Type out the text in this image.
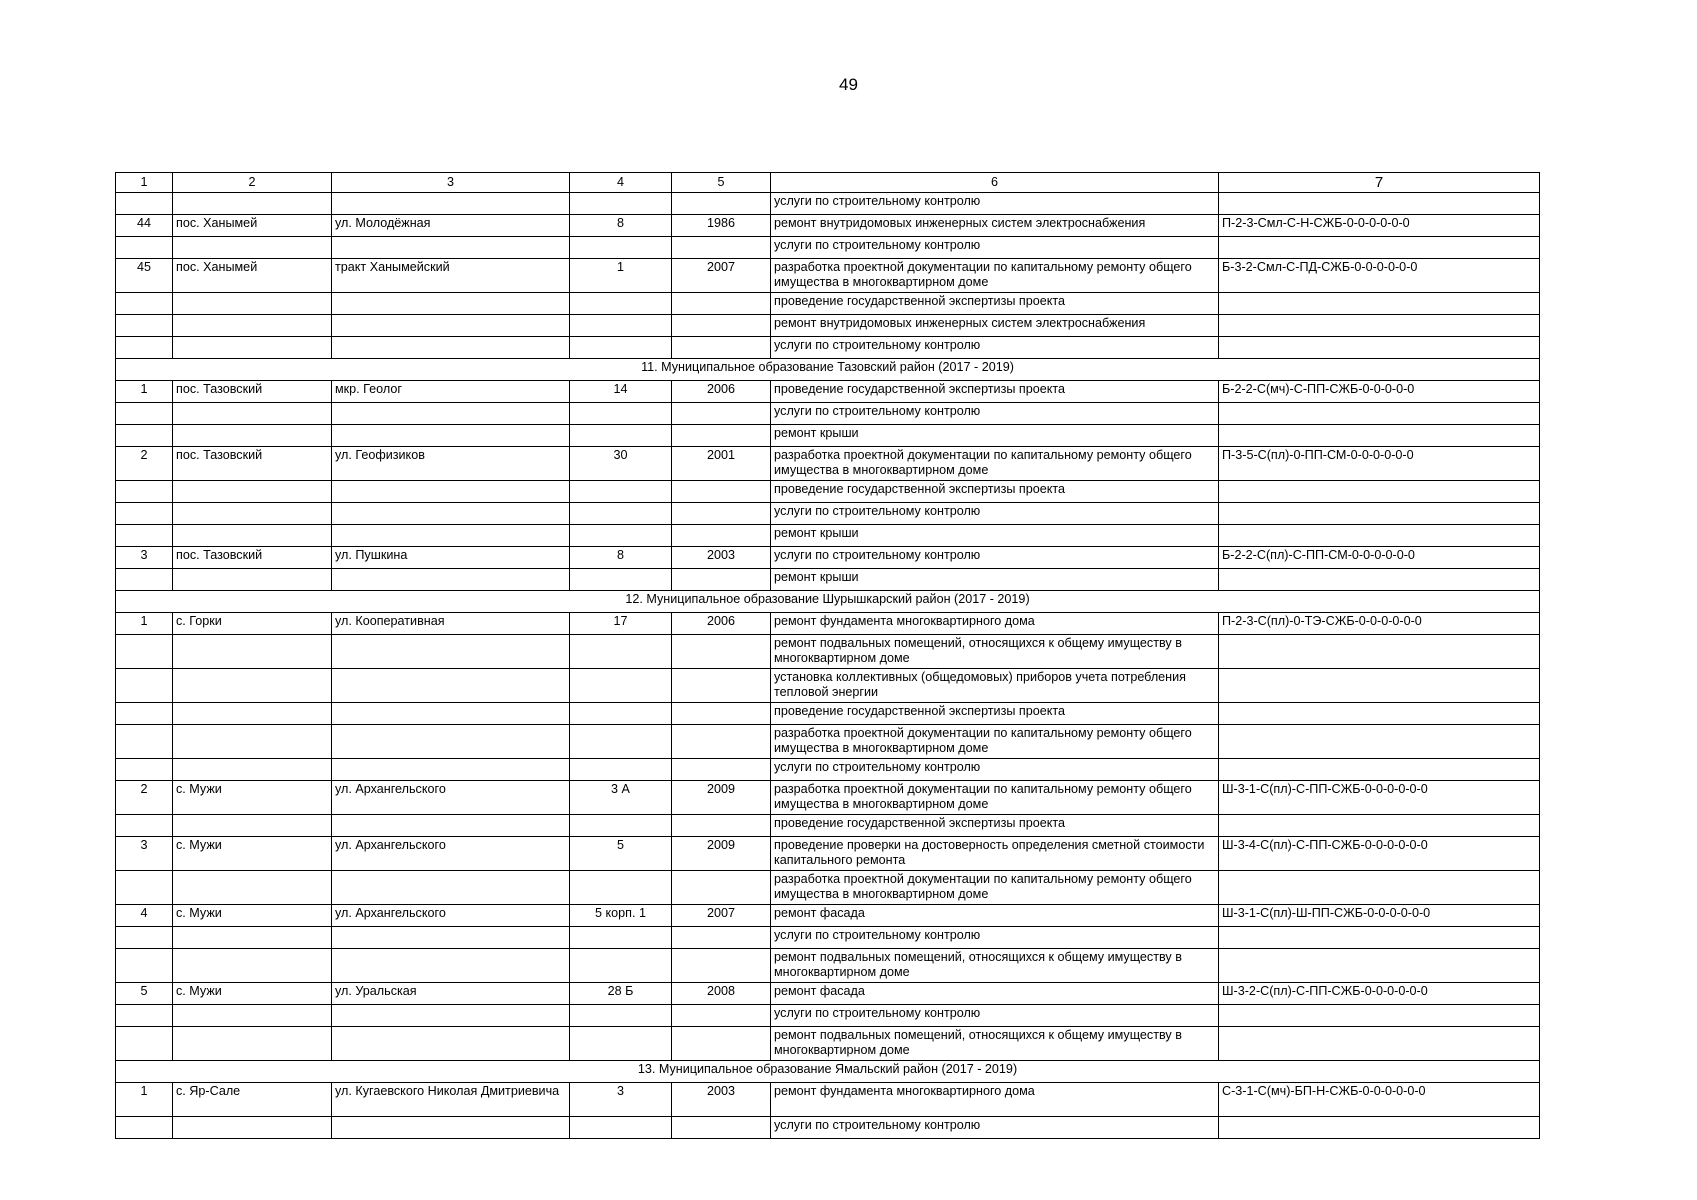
49
1	2	3	4	5	6	7
					услуги по строительному контролю	
44	пос. Ханымей	ул. Молодёжная	8	1986	ремонт внутридомовых инженерных систем электроснабжения	П-2-3-Смл-С-Н-СЖБ-0-0-0-0-0-0
					услуги по строительному контролю	
45	пос. Ханымей	тракт Ханымейский	1	2007	разработка проектной документации по капитальному ремонту общего имущества в многоквартирном доме	Б-3-2-Смл-С-ПД-СЖБ-0-0-0-0-0-0
					проведение государственной экспертизы проекта	
					ремонт внутридомовых инженерных систем электроснабжения	
					услуги по строительному контролю	
11. Муниципальное образование Тазовский район (2017 - 2019)						
1	пос. Тазовский	мкр. Геолог	14	2006	проведение государственной экспертизы проекта	Б-2-2-С(мч)-С-ПП-СЖБ-0-0-0-0-0
					услуги по строительному контролю	
					ремонт крыши	
2	пос. Тазовский	ул. Геофизиков	30	2001	разработка проектной документации по капитальному ремонту общего имущества в многоквартирном доме	П-3-5-С(пл)-0-ПП-СМ-0-0-0-0-0-0
					проведение государственной экспертизы проекта	
					услуги по строительному контролю	
					ремонт крыши	
3	пос. Тазовский	ул. Пушкина	8	2003	услуги по строительному контролю	Б-2-2-С(пл)-С-ПП-СМ-0-0-0-0-0-0
					ремонт крыши	
12. Муниципальное образование Шурышкарский район (2017 - 2019)						
1	с. Горки	ул. Кооперативная	17	2006	ремонт фундамента многоквартирного дома	П-2-3-С(пл)-0-ТЭ-СЖБ-0-0-0-0-0-0
					ремонт подвальных помещений, относящихся к общему имуществу в многоквартирном доме	
					установка коллективных (общедомовых) приборов учета потребления тепловой энергии	
					проведение государственной экспертизы проекта	
					разработка проектной документации по капитальному ремонту общего имущества в многоквартирном доме	
					услуги по строительному контролю	
2	с. Мужи	ул. Архангельского	3 А	2009	разработка проектной документации по капитальному ремонту общего имущества в многоквартирном доме	Ш-3-1-С(пл)-С-ПП-СЖБ-0-0-0-0-0-0
					проведение государственной экспертизы проекта	
3	с. Мужи	ул. Архангельского	5	2009	проведение проверки на достоверность определения сметной стоимости капитального ремонта	Ш-3-4-С(пл)-С-ПП-СЖБ-0-0-0-0-0-0
					разработка проектной документации по капитальному ремонту общего имущества в многоквартирном доме	
4	с. Мужи	ул. Архангельского	5 корп. 1	2007	ремонт фасада	Ш-3-1-С(пл)-Ш-ПП-СЖБ-0-0-0-0-0-0
					услуги по строительному контролю	
					ремонт подвальных помещений, относящихся к общему имуществу в многоквартирном доме	
5	с. Мужи	ул. Уральская	28 Б	2008	ремонт фасада	Ш-3-2-С(пл)-С-ПП-СЖБ-0-0-0-0-0-0
					услуги по строительному контролю	
					ремонт подвальных помещений, относящихся к общему имуществу в многоквартирном доме	
13. Муниципальное образование Ямальский район (2017 - 2019)						
1	с. Яр-Сале	ул. Кугаевского Николая Дмитриевича	3	2003	ремонт фундамента многоквартирного дома	С-3-1-С(мч)-БП-Н-СЖБ-0-0-0-0-0-0
					услуги по строительному контролю	
